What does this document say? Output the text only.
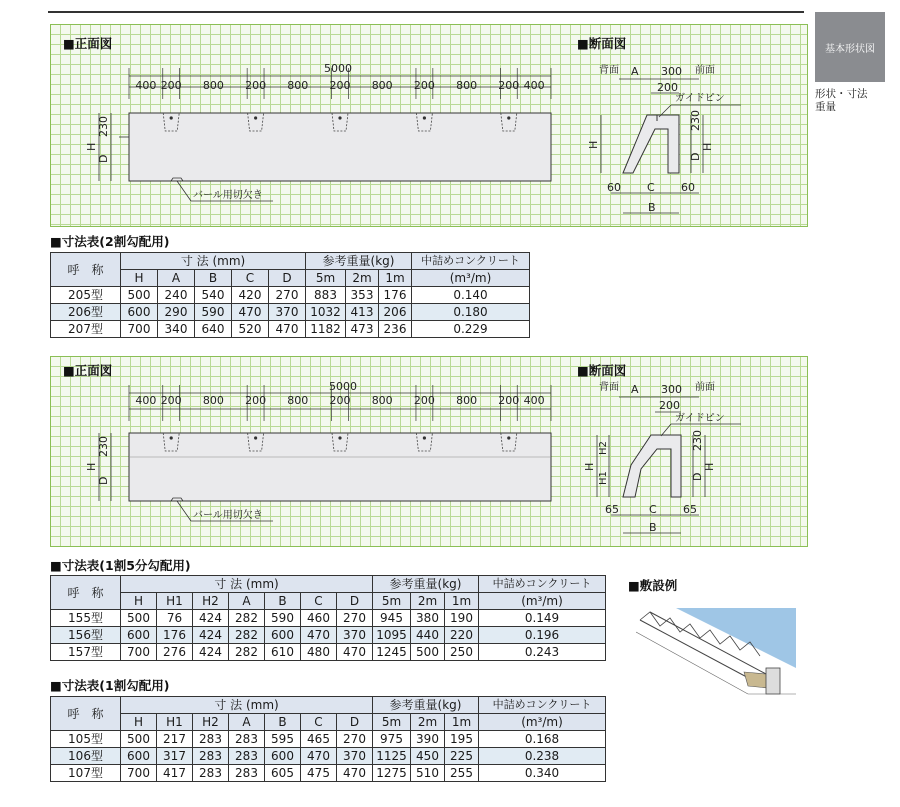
基本形状図
形状・寸法
重量
■正面図	■断面図
5000
400 200 800 200 800 200 800 200 800 200 400
230
D
H
バール用切欠き
背面 A 300 前面
200
ガイドピン
230
D
H
H
60 C 60
B
■寸法表(2割勾配用)
呼　称	寸 法 (mm)					参考重量(kg)			中詰めコンクリート
	H	A	B	C	D	5m	2m	1m	(m³/m)
205型	500	240	540	420	270	883	353	176	0.140
206型	600	290	590	470	370	1032	413	206	0.180
207型	700	340	640	520	470	1182	473	236	0.229
■正面図	■断面図
5000
400 200 800 200 800 200 800 200 800 200 400
230
D
H
バール用切欠き
背面 A 300 前面
200
ガイドピン
230
D
H
H
H2
H1
65	C 65
B
■寸法表(1割5分勾配用)
呼　称	寸 法 (mm)							参考重量(kg)			中詰めコンクリート
	H	H1	H2	A	B	C	D	5m	2m	1m	(m³/m)
155型	500	76	424	282	590	460	270	945	380	190	0.149
156型	600	176	424	282	600	470	370	1095	440	220	0.196
157型	700	276	424	282	610	480	470	1245	500	250	0.243
■寸法表(1割勾配用)
呼　称	寸 法 (mm)							参考重量(kg)			中詰めコンクリート
	H	H1	H2	A	B	C	D	5m	2m	1m	(m³/m)
105型	500	217	283	283	595	465	270	975	390	195	0.168
106型	600	317	283	283	600	470	370	1125	450	225	0.238
107型	700	417	283	283	605	475	470	1275	510	255	0.340
■敷設例
